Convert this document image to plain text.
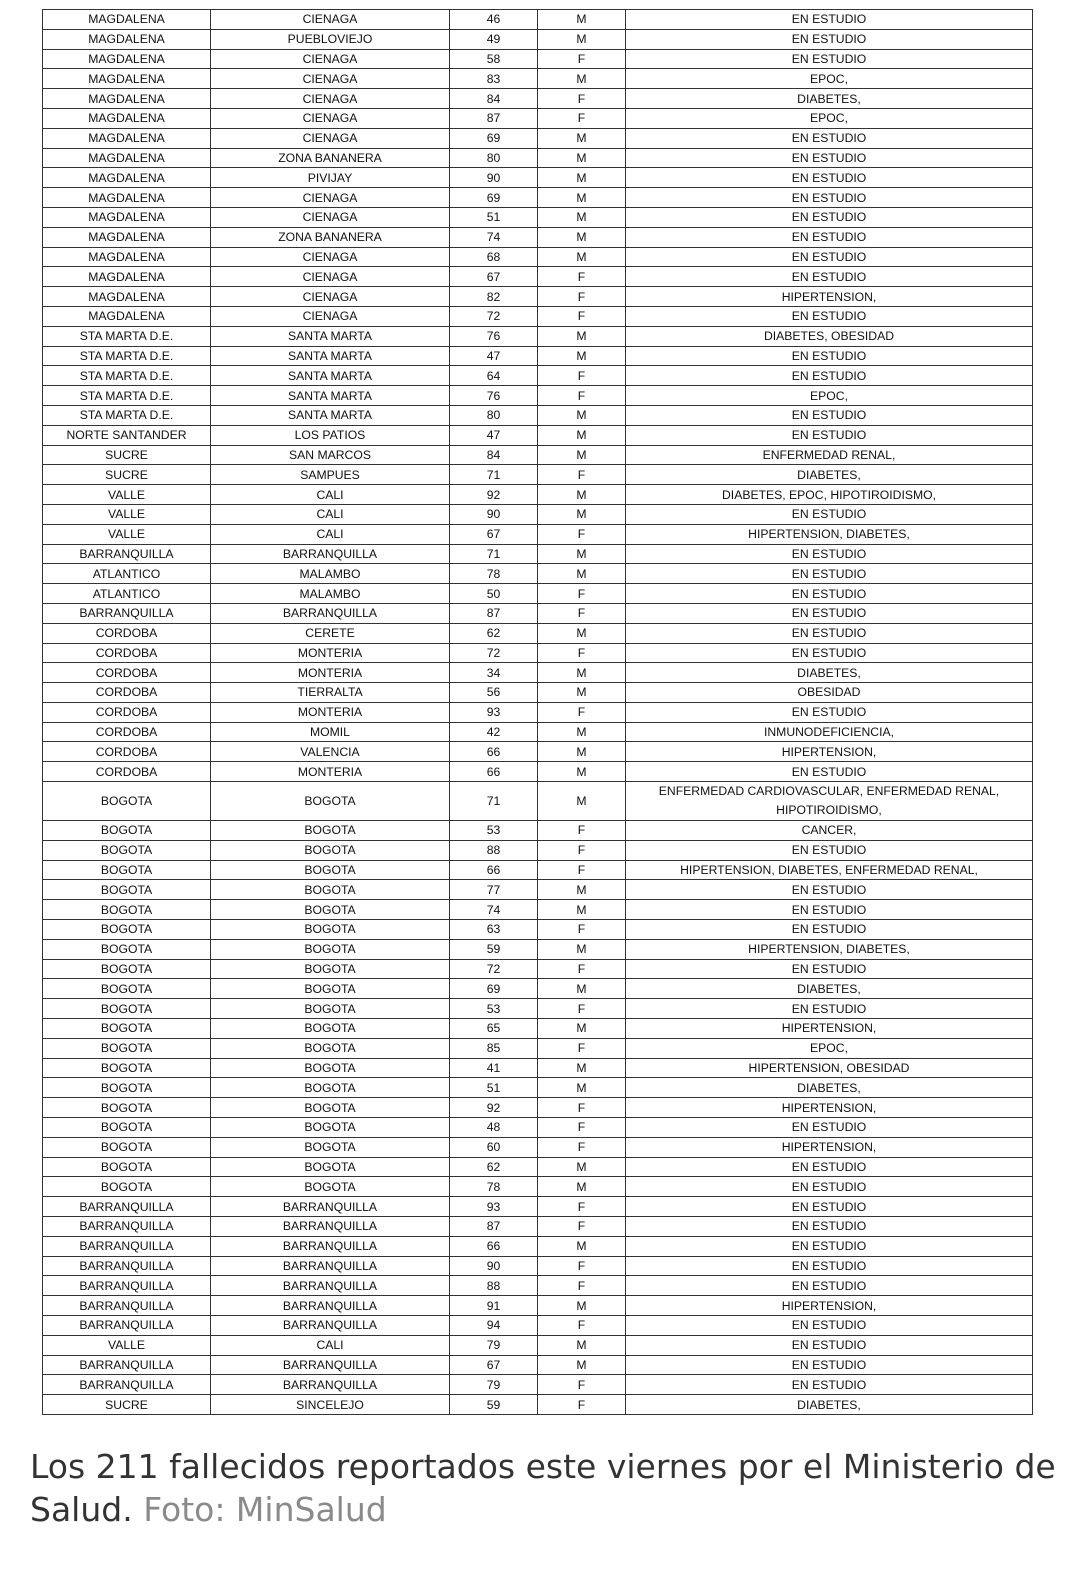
MAGDALENA	CIENAGA	46	M	EN ESTUDIO
MAGDALENA	PUEBLOVIEJO	49	M	EN ESTUDIO
MAGDALENA	CIENAGA	58	F	EN ESTUDIO
MAGDALENA	CIENAGA	83	M	EPOC,
MAGDALENA	CIENAGA	84	F	DIABETES,
MAGDALENA	CIENAGA	87	F	EPOC,
MAGDALENA	CIENAGA	69	M	EN ESTUDIO
MAGDALENA	ZONA BANANERA	80	M	EN ESTUDIO
MAGDALENA	PIVIJAY	90	M	EN ESTUDIO
MAGDALENA	CIENAGA	69	M	EN ESTUDIO
MAGDALENA	CIENAGA	51	M	EN ESTUDIO
MAGDALENA	ZONA BANANERA	74	M	EN ESTUDIO
MAGDALENA	CIENAGA	68	M	EN ESTUDIO
MAGDALENA	CIENAGA	67	F	EN ESTUDIO
MAGDALENA	CIENAGA	82	F	HIPERTENSION,
MAGDALENA	CIENAGA	72	F	EN ESTUDIO
STA MARTA D.E.	SANTA MARTA	76	M	DIABETES, OBESIDAD
STA MARTA D.E.	SANTA MARTA	47	M	EN ESTUDIO
STA MARTA D.E.	SANTA MARTA	64	F	EN ESTUDIO
STA MARTA D.E.	SANTA MARTA	76	F	EPOC,
STA MARTA D.E.	SANTA MARTA	80	M	EN ESTUDIO
NORTE SANTANDER	LOS PATIOS	47	M	EN ESTUDIO
SUCRE	SAN MARCOS	84	M	ENFERMEDAD RENAL,
SUCRE	SAMPUES	71	F	DIABETES,
VALLE	CALI	92	M	DIABETES, EPOC, HIPOTIROIDISMO,
VALLE	CALI	90	M	EN ESTUDIO
VALLE	CALI	67	F	HIPERTENSION, DIABETES,
BARRANQUILLA	BARRANQUILLA	71	M	EN ESTUDIO
ATLANTICO	MALAMBO	78	M	EN ESTUDIO
ATLANTICO	MALAMBO	50	F	EN ESTUDIO
BARRANQUILLA	BARRANQUILLA	87	F	EN ESTUDIO
CORDOBA	CERETE	62	M	EN ESTUDIO
CORDOBA	MONTERIA	72	F	EN ESTUDIO
CORDOBA	MONTERIA	34	M	DIABETES,
CORDOBA	TIERRALTA	56	M	OBESIDAD
CORDOBA	MONTERIA	93	F	EN ESTUDIO
CORDOBA	MOMIL	42	M	INMUNODEFICIENCIA,
CORDOBA	VALENCIA	66	M	HIPERTENSION,
CORDOBA	MONTERIA	66	M	EN ESTUDIO
BOGOTA	BOGOTA	71	M	ENFERMEDAD CARDIOVASCULAR, ENFERMEDAD RENAL, HIPOTIROIDISMO,
BOGOTA	BOGOTA	53	F	CANCER,
BOGOTA	BOGOTA	88	F	EN ESTUDIO
BOGOTA	BOGOTA	66	F	HIPERTENSION, DIABETES, ENFERMEDAD RENAL,
BOGOTA	BOGOTA	77	M	EN ESTUDIO
BOGOTA	BOGOTA	74	M	EN ESTUDIO
BOGOTA	BOGOTA	63	F	EN ESTUDIO
BOGOTA	BOGOTA	59	M	HIPERTENSION, DIABETES,
BOGOTA	BOGOTA	72	F	EN ESTUDIO
BOGOTA	BOGOTA	69	M	DIABETES,
BOGOTA	BOGOTA	53	F	EN ESTUDIO
BOGOTA	BOGOTA	65	M	HIPERTENSION,
BOGOTA	BOGOTA	85	F	EPOC,
BOGOTA	BOGOTA	41	M	HIPERTENSION, OBESIDAD
BOGOTA	BOGOTA	51	M	DIABETES,
BOGOTA	BOGOTA	92	F	HIPERTENSION,
BOGOTA	BOGOTA	48	F	EN ESTUDIO
BOGOTA	BOGOTA	60	F	HIPERTENSION,
BOGOTA	BOGOTA	62	M	EN ESTUDIO
BOGOTA	BOGOTA	78	M	EN ESTUDIO
BARRANQUILLA	BARRANQUILLA	93	F	EN ESTUDIO
BARRANQUILLA	BARRANQUILLA	87	F	EN ESTUDIO
BARRANQUILLA	BARRANQUILLA	66	M	EN ESTUDIO
BARRANQUILLA	BARRANQUILLA	90	F	EN ESTUDIO
BARRANQUILLA	BARRANQUILLA	88	F	EN ESTUDIO
BARRANQUILLA	BARRANQUILLA	91	M	HIPERTENSION,
BARRANQUILLA	BARRANQUILLA	94	F	EN ESTUDIO
VALLE	CALI	79	M	EN ESTUDIO
BARRANQUILLA	BARRANQUILLA	67	M	EN ESTUDIO
BARRANQUILLA	BARRANQUILLA	79	F	EN ESTUDIO
SUCRE	SINCELEJO	59	F	DIABETES,
Los 211 fallecidos reportados este viernes por el Ministerio de Salud. Foto: MinSalud
